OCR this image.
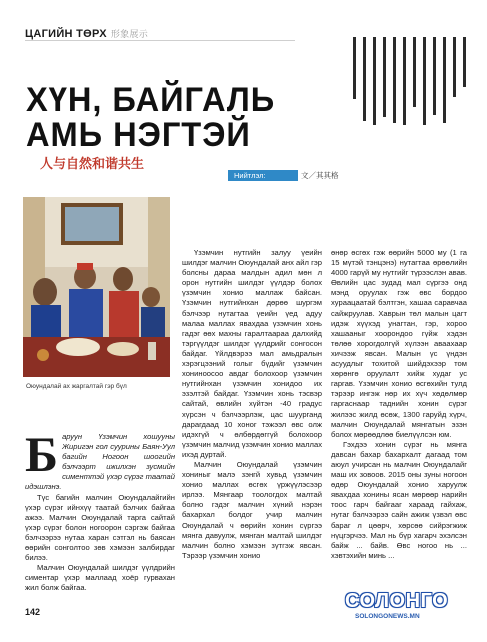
ЦАГИЙН ТӨРХ 形象展示
ХҮН, БАЙГАЛЬ
АМЬ НЭГТЭЙ
人与自然和谐共生
Нийтлэл: ЦЭВЭГ
文／其其格
Оюундалай ах жаргалтай гэр бүл
Б аруун Үзэмчин хошууны Жиригэн гол суурины Баян-Уул бaгийн Ногоон шоогийн бэлчээрт ижилхэн зусмийн сименттэй үхэр сүрэг таатай идэшлэнэ.

Түс багийн малчин Оюундалайгийн үхэр сүрэг ийнхүү таатай бэлчих байгаа ажээ. Малчин Оюундалай тарга сайтай үхэр сүрэг болон ногоорон сэргэж байгаа бэлчээрээ нутаа харан сэтгэл нь баясан өөрийн сонголтоо зөв хэмээн залбирдаг билээ.

Малчин Оюундалай шилдэг үүлдрийн симентар үхэр маллаад хоёр гурвахан жил болж байгаа.

Үзэмчин нутгийн залуу үеийн шилдэг малчин Оюундалай анх айл гэр болсны дараа малдын адил мөн л орон нутгийн шилдэг үүлдэр болох үзэмчин хонио маллаж байсан. Үзэмчин нутгийнхан дөрөө шургэм бэлчээр нутагтаа үеийн үед адуу малаа маллах явахдаа үзэмчин хонь гадэг өөх махны гаралтаараа далхийд тэргүүлдэг шилдэг үүлдрийг сонгосон байдаг. Үйлдвэрээ мал амьдралын хэрэгцээний голыг бүдийг үзэмчин хониноосоо авдаг болохоор үзэмчин нутгийнхан үзэмчин хонидоо их эзэлтэй байдаг. Үзэмчин хонь тэсвэр сайтай, өвлийн хүйтэн -40 градус хүрсэн ч бэлчээрлэж, цас шуурганд дарагдаад 10 хоног тэжээл өвс олж идэхгүй ч өлбөрдөггүй болохоор үзэмчин малчид үзэмчин хонио маллах ихэд дуртай.

Малчин Оюундалай үзэмчин хониныг малэ зэнгй хувьд үзэмчин хонио маллах өсгөх үржүүлэсээр ирлээ. Мянгаар тоологдох малтай болно гэдэг малчин хүний нэрэн бахархал болдог учир малчин Оюундалай ч өөрийн хонин сүргээ мянга давуулж, мянган малтай шилдэг малчин болно хэмээн зүтгэж явсан. Тэрээр үзэмчин хонио

өнөр өсгөх гэж өөрийн 5000 му (1 га 15 мүтэй тэнцэнэ) нутагтаа өрөөлийн 4000 гарүй му нутгийг түрээслэн авав. Өвлийн цас зудад мал сүргээ онд мэнд оруулах гэж өвс бордоо хураацаатай бэлтгэн, хашаа саравчаа сайжруулав. Хаврын төл малын цагт идэж хүүхэд унагтан, гэр, хороо хашааныг хоорондоо гүйж хэдэн төлөө хорогдолгүй хүлээн аваахаар хичээж явсан. Малын үс үндэн асуудлыг тохитой шийдэхээр том хөрөнгө оруулалт хийж худаг ус гаргав. Үзэмчин хонио өсгөхийн тулд тэрээр ингэж нөр их хүч хөдөлмөр гаргаснаар таднийн хонин сүрэг жилээс жилд өсөж, 1300 гаруйд хүрч, малчин Оюундалай мянгатын эзэн болох мөрөөдлөө биелүүлсэн юм.

Гэхдээ хонин сүрэг нь мянга давсан бахар бахархалт дагаад том аюул учирсан нь малчин Оюундалайг маш их зовоов. 2015 оны зуны ногоон өдөр Оюундалай хонио харуулж явахдаа хонины ясан мөрөөр нарийн тоос гарч байгааг хараад гайхаж, нутаг бэлчээрээ сайн ажиж үзвэл өвс бараг л цөөрч, хөрсөө сийрэгжиж нүцгэрчээ. Мал нь бүр хагарч эхэлсэн байж ... байв. Өвс ногоо нь ... хэвтэхийн минь ...

142	СОЛОНГО
SOLONGONEWS.MN
